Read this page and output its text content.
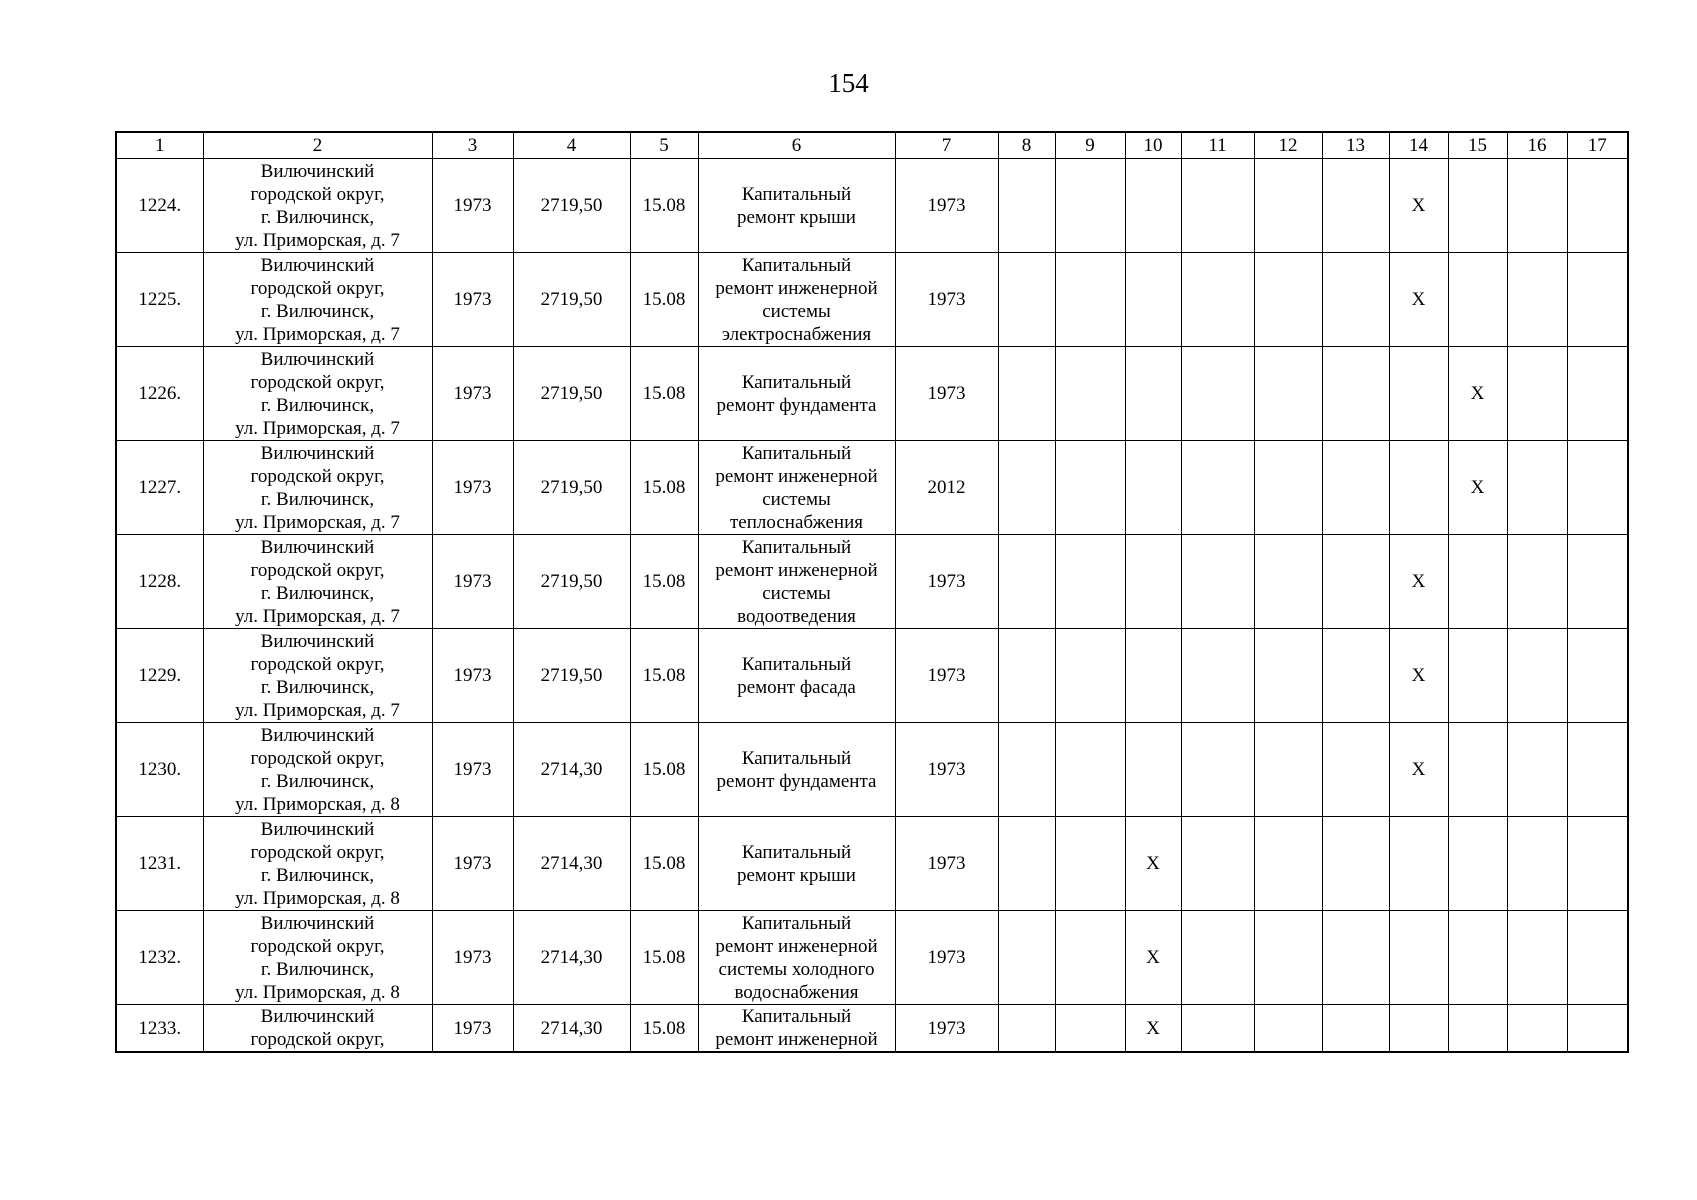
154
1	2	3	4	5	6	7	8	9	10	11	12	13	14	15	16	17
1224.	Вилючинский
городской округ,
г. Вилючинск,
ул. Приморская, д. 7	1973	2719,50	15.08	Капитальный
ремонт крыши	1973							X			
1225.	Вилючинский
городской округ,
г. Вилючинск,
ул. Приморская, д. 7	1973	2719,50	15.08	Капитальный
ремонт инженерной
системы
электроснабжения	1973							X			
1226.	Вилючинский
городской округ,
г. Вилючинск,
ул. Приморская, д. 7	1973	2719,50	15.08	Капитальный
ремонт фундамента	1973								X		
1227.	Вилючинский
городской округ,
г. Вилючинск,
ул. Приморская, д. 7	1973	2719,50	15.08	Капитальный
ремонт инженерной
системы
теплоснабжения	2012								X		
1228.	Вилючинский
городской округ,
г. Вилючинск,
ул. Приморская, д. 7	1973	2719,50	15.08	Капитальный
ремонт инженерной
системы
водоотведения	1973							X			
1229.	Вилючинский
городской округ,
г. Вилючинск,
ул. Приморская, д. 7	1973	2719,50	15.08	Капитальный
ремонт фасада	1973							X			
1230.	Вилючинский
городской округ,
г. Вилючинск,
ул. Приморская, д. 8	1973	2714,30	15.08	Капитальный
ремонт фундамента	1973							X			
1231.	Вилючинский
городской округ,
г. Вилючинск,
ул. Приморская, д. 8	1973	2714,30	15.08	Капитальный
ремонт крыши	1973			X							
1232.	Вилючинский
городской округ,
г. Вилючинск,
ул. Приморская, д. 8	1973	2714,30	15.08	Капитальный
ремонт инженерной
системы холодного
водоснабжения	1973			X							
1233.	Вилючинский
городской округ,	1973	2714,30	15.08	Капитальный
ремонт инженерной	1973			X							
